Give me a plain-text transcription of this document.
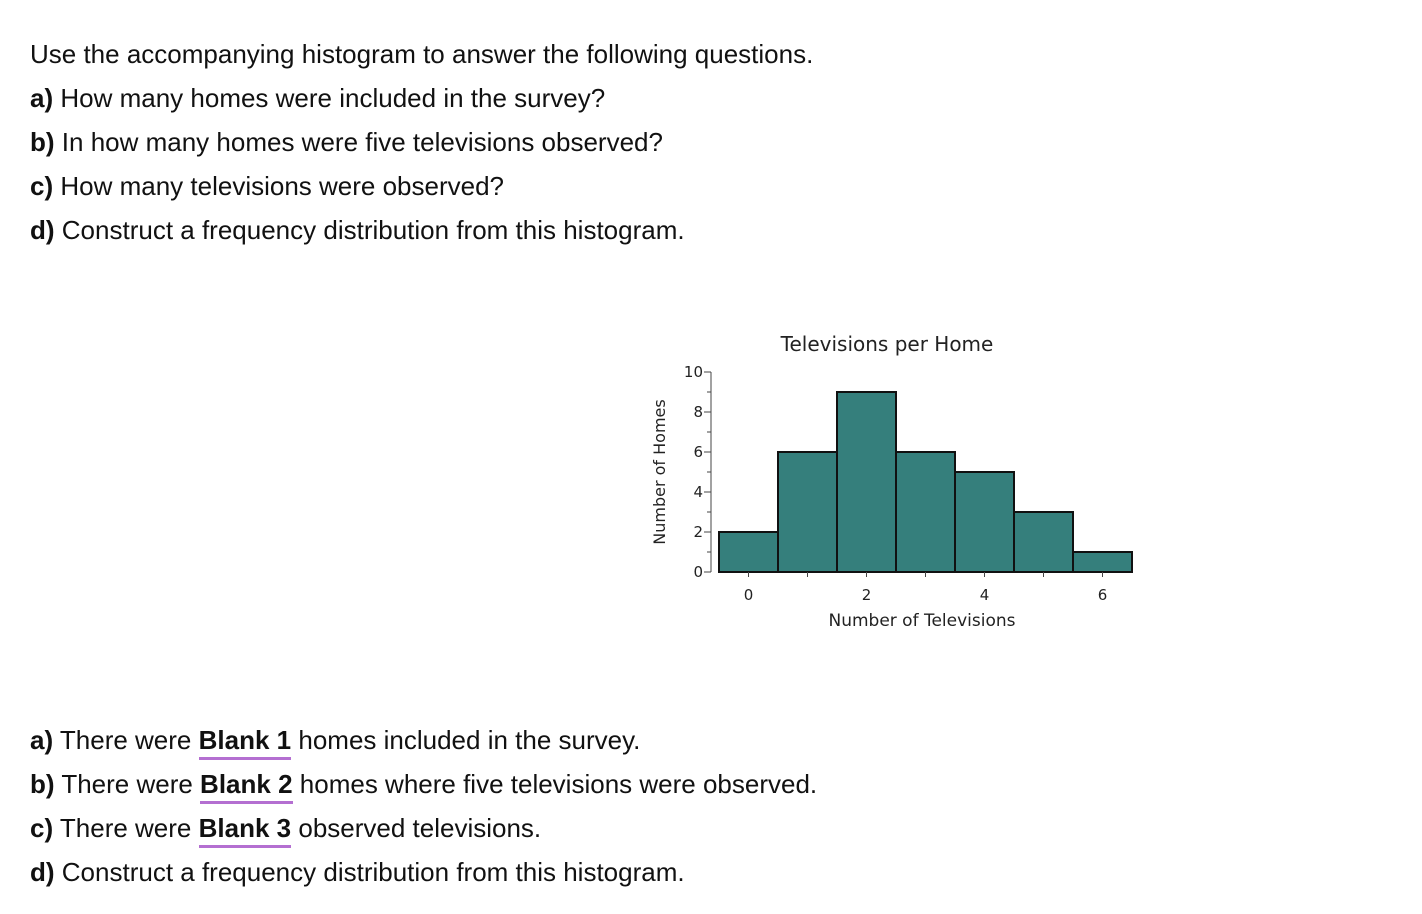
Use the accompanying histogram to answer the following questions.
a) How many homes were included in the survey?
b) In how many homes were five televisions observed?
c) How many televisions were observed?
d) Construct a frequency distribution from this histogram.
Televisions per Home
Number of Homes
Number of Televisions
0
2
4
6
8
10
0	2	4	6
a) There were Blank 1 homes included in the survey.
b) There were Blank 2 homes where five televisions were observed.
c) There were Blank 3 observed televisions.
d) Construct a frequency distribution from this histogram.
